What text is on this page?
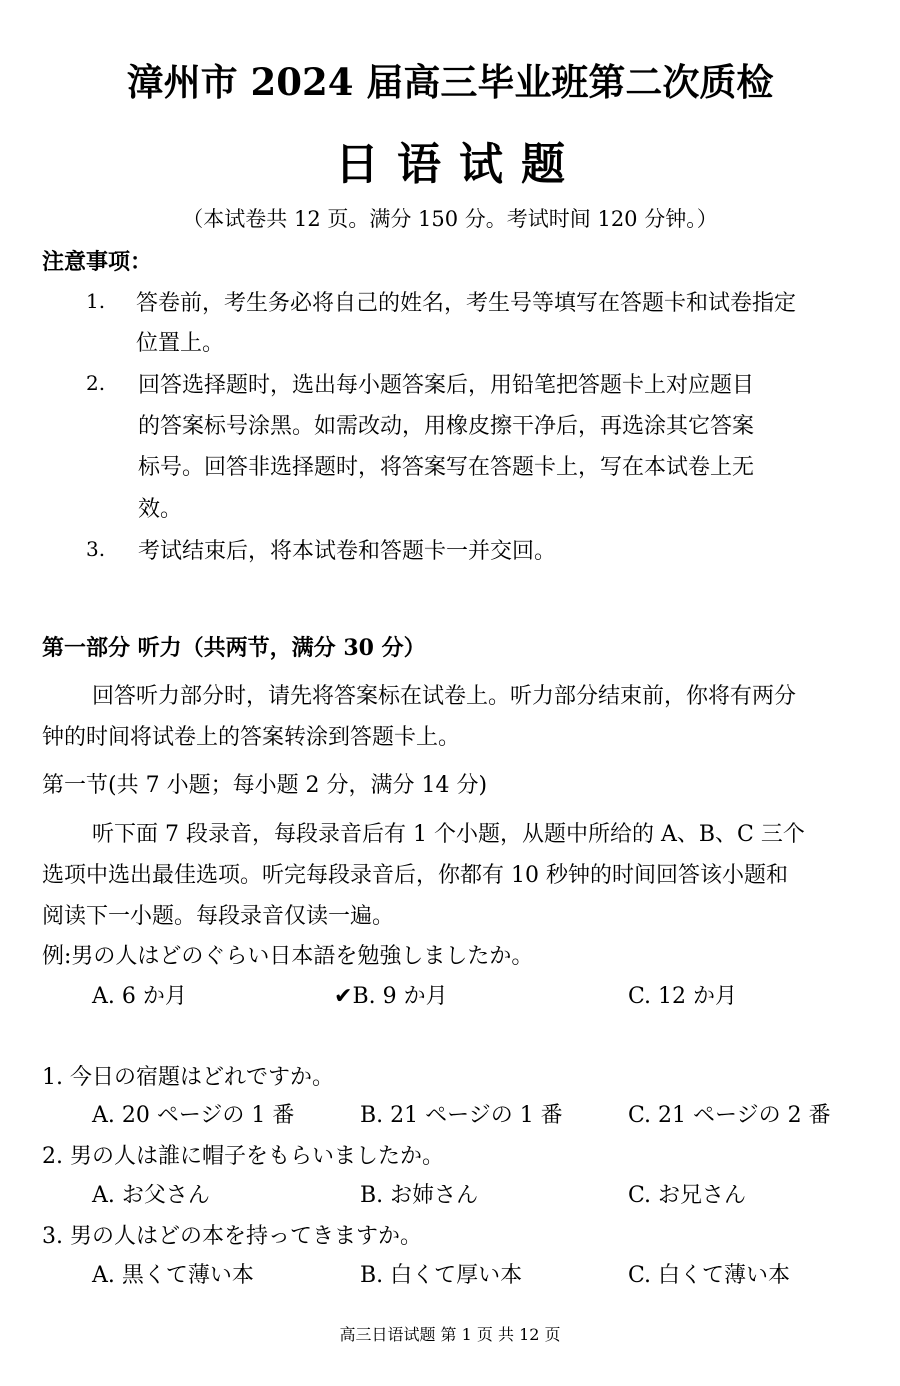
漳州市 2024 届高三毕业班第二次质检
日语试题
（本试卷共 12 页。满分 150 分。考试时间 120 分钟。）
注意事项：
1. 答卷前，考生务必将自己的姓名，考生号等填写在答题卡和试卷指定
位置上。
2. 回答选择题时，选出每小题答案后，用铅笔把答题卡上对应题目
的答案标号涂黑。如需改动，用橡皮擦干净后，再选涂其它答案
标号。回答非选择题时，将答案写在答题卡上，写在本试卷上无
效。
3. 考试结束后，将本试卷和答题卡一并交回。
第一部分 听力（共两节，满分 30 分）
回答听力部分时，请先将答案标在试卷上。听力部分结束前，你将有两分
钟的时间将试卷上的答案转涂到答题卡上。
第一节(共 7 小题；每小题 2 分，满分 14 分)
听下面 7 段录音，每段录音后有 1 个小题，从题中所给的 A、B、C 三个
选项中选出最佳选项。听完每段录音后，你都有 10 秒钟的时间回答该小题和
阅读下一小题。每段录音仅读一遍。
例:男の人はどのぐらい日本語を勉強しましたか。
A. 6 か月	✔B. 9 か月	C. 12 か月
1. 今日の宿題はどれですか。
A. 20 ページの 1 番	B. 21 ページの 1 番	C. 21 ページの 2 番
2. 男の人は誰に帽子をもらいましたか。
A. お父さん	B. お姉さん	C. お兄さん
3. 男の人はどの本を持ってきますか。
A. 黒くて薄い本	B. 白くて厚い本	C. 白くて薄い本
高三日语试题 第 1 页 共 12 页
